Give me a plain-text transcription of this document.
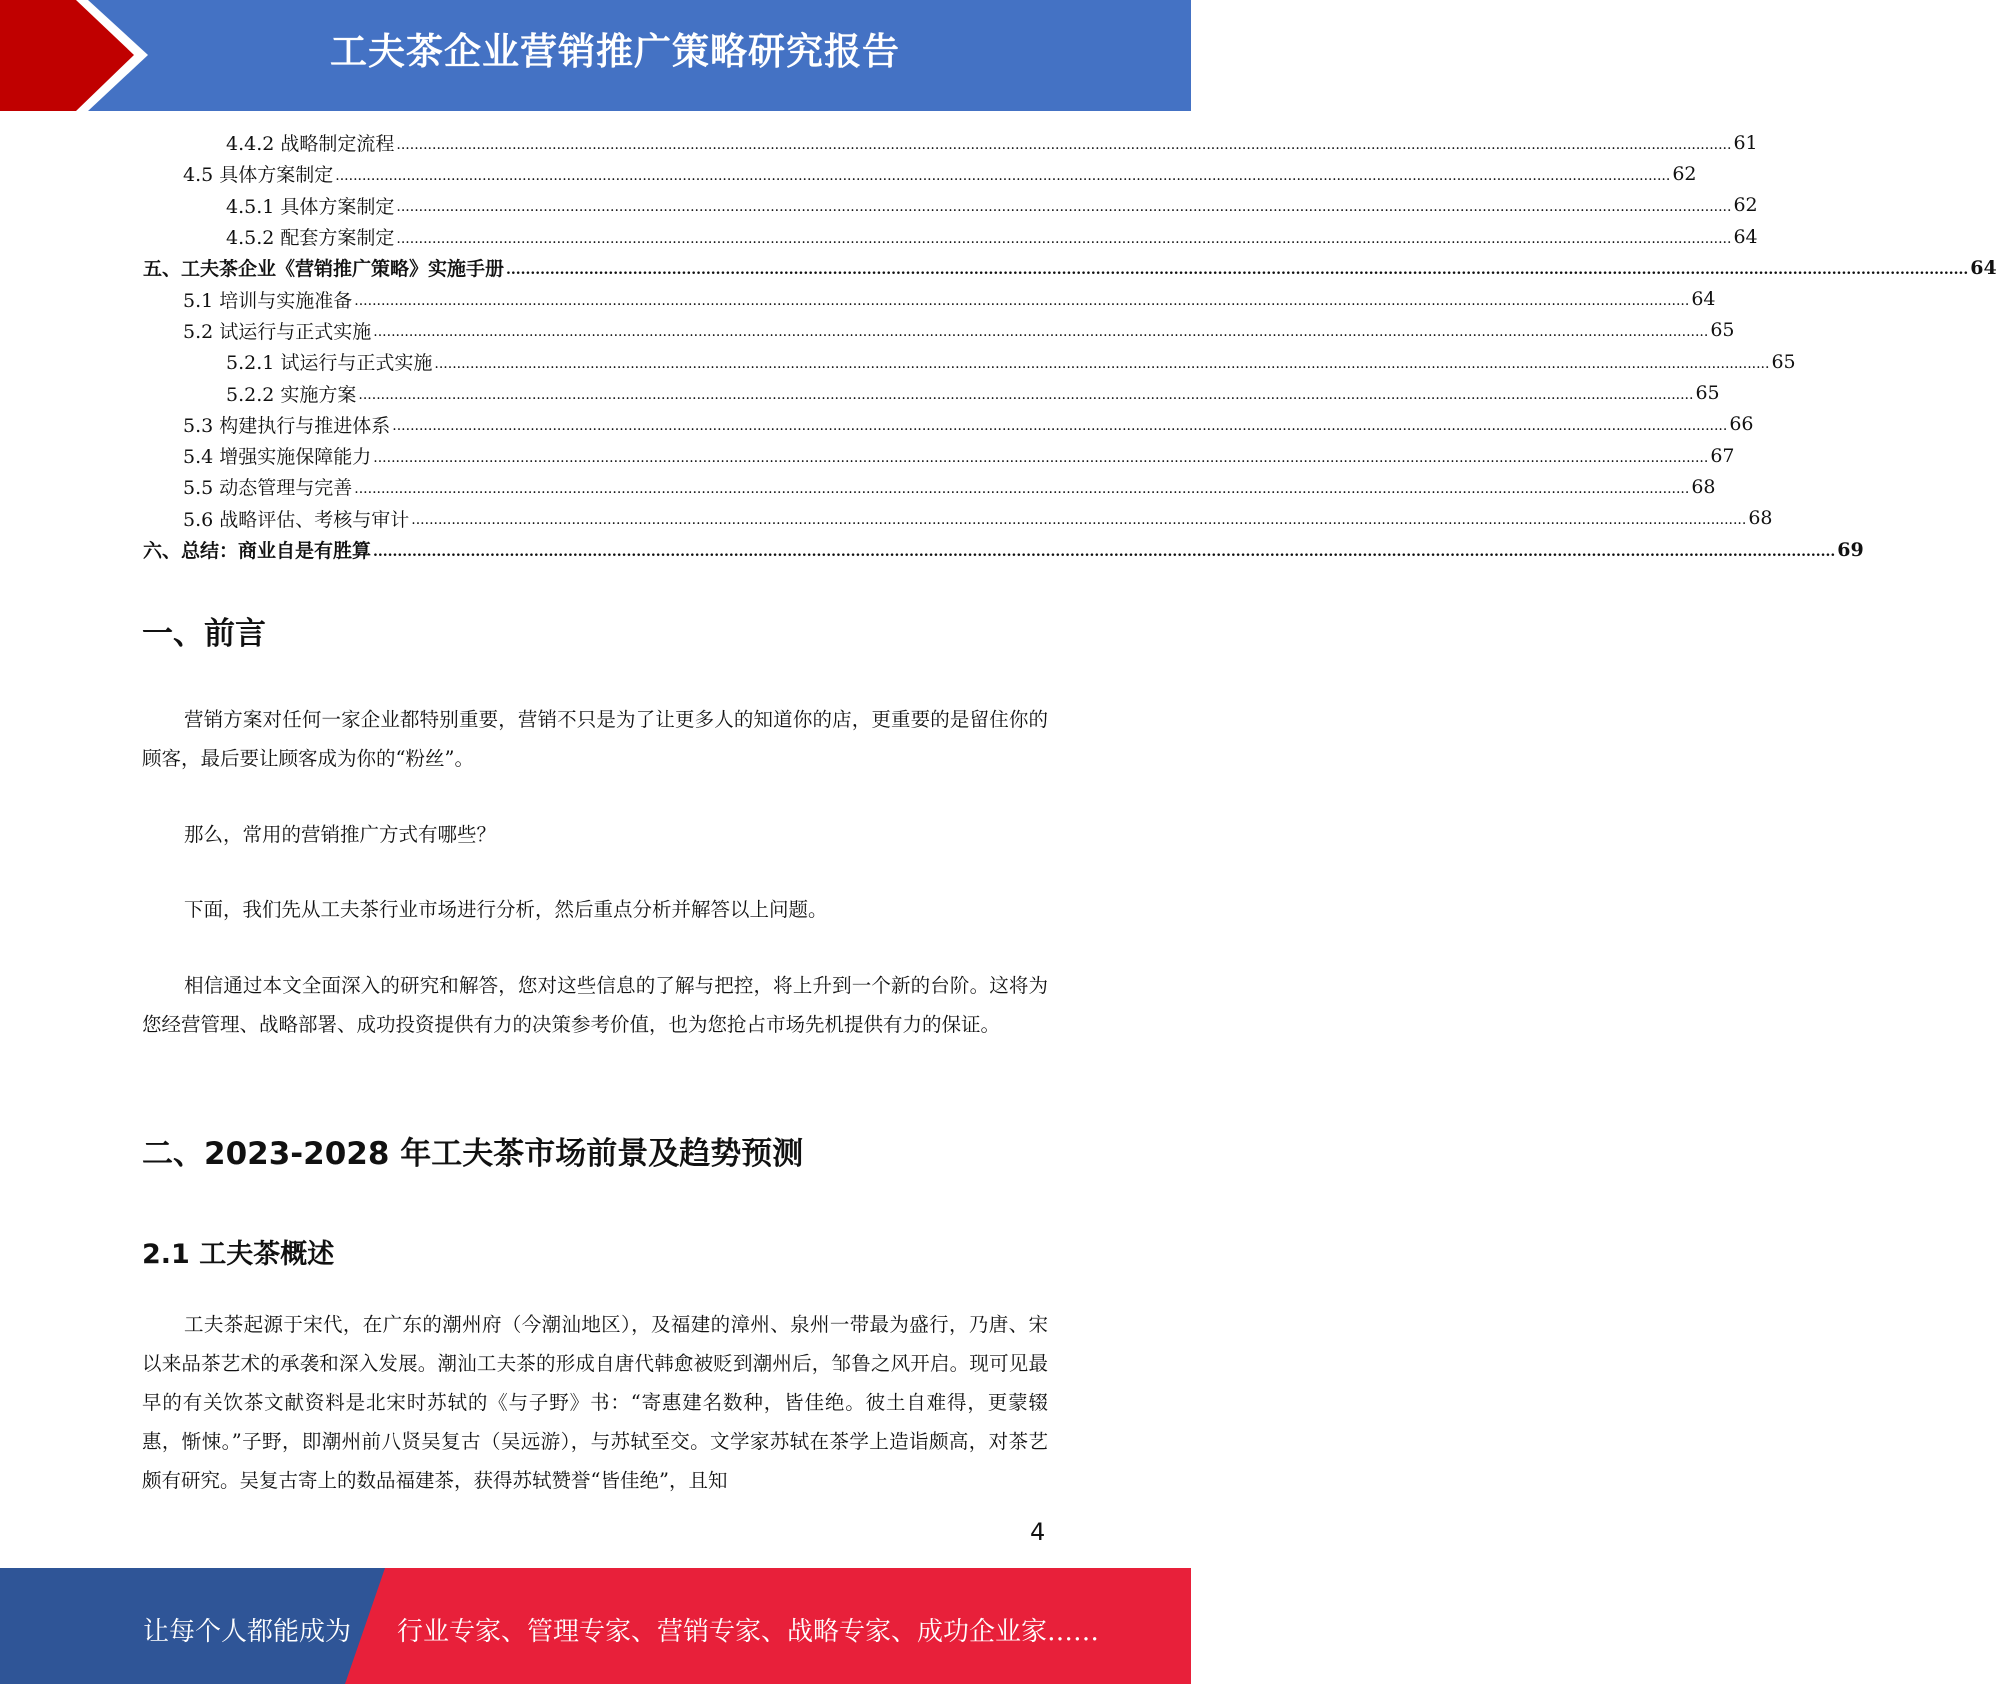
工夫茶企业营销推广策略研究报告
4.4.2 战略制定流程 ............................................................................................................................................................................................................................................................................................................ 61
4.5 具体方案制定 ............................................................................................................................................................................................................................................................................................................ 62
4.5.1 具体方案制定 ............................................................................................................................................................................................................................................................................................................ 62
4.5.2 配套方案制定 ............................................................................................................................................................................................................................................................................................................ 64
五、工夫茶企业《营销推广策略》实施手册 ............................................................................................................................................................................................................................................................................................................ 64
5.1 培训与实施准备 ............................................................................................................................................................................................................................................................................................................ 64
5.2 试运行与正式实施 ............................................................................................................................................................................................................................................................................................................ 65
5.2.1 试运行与正式实施 ............................................................................................................................................................................................................................................................................................................ 65
5.2.2 实施方案 ............................................................................................................................................................................................................................................................................................................ 65
5.3 构建执行与推进体系 ............................................................................................................................................................................................................................................................................................................ 66
5.4 增强实施保障能力 ............................................................................................................................................................................................................................................................................................................ 67
5.5 动态管理与完善 ............................................................................................................................................................................................................................................................................................................ 68
5.6 战略评估、考核与审计 ............................................................................................................................................................................................................................................................................................................ 68
六、总结：商业自是有胜算 ............................................................................................................................................................................................................................................................................................................ 69
一、前言

营销方案对任何一家企业都特别重要，营销不只是为了让更多人的知道你的店，更重要的是留住你的顾客，最后要让顾客成为你的“粉丝”。

那么，常用的营销推广方式有哪些？

下面，我们先从工夫茶行业市场进行分析，然后重点分析并解答以上问题。

相信通过本文全面深入的研究和解答，您对这些信息的了解与把控，将上升到一个新的台阶。这将为您经营管理、战略部署、成功投资提供有力的决策参考价值，也为您抢占市场先机提供有力的保证。

二、2023-2028 年工夫茶市场前景及趋势预测
2.1 工夫茶概述

工夫茶起源于宋代，在广东的潮州府（今潮汕地区），及福建的漳州、泉州一带最为盛行，乃唐、宋以来品茶艺术的承袭和深入发展。潮汕工夫茶的形成自唐代韩愈被贬到潮州后，邹鲁之风开启。现可见最早的有关饮茶文献资料是北宋时苏轼的《与子野》书：“寄惠建名数种，皆佳绝。彼土自难得，更蒙辍惠，惭悚。”子野，即潮州前八贤吴复古（吴远游），与苏轼至交。文学家苏轼在茶学上造诣颇高，对茶艺颇有研究。吴复古寄上的数品福建茶，获得苏轼赞誉“皆佳绝”，且知

4
让每个人都能成为 行业专家、管理专家、营销专家、战略专家、成功企业家……
